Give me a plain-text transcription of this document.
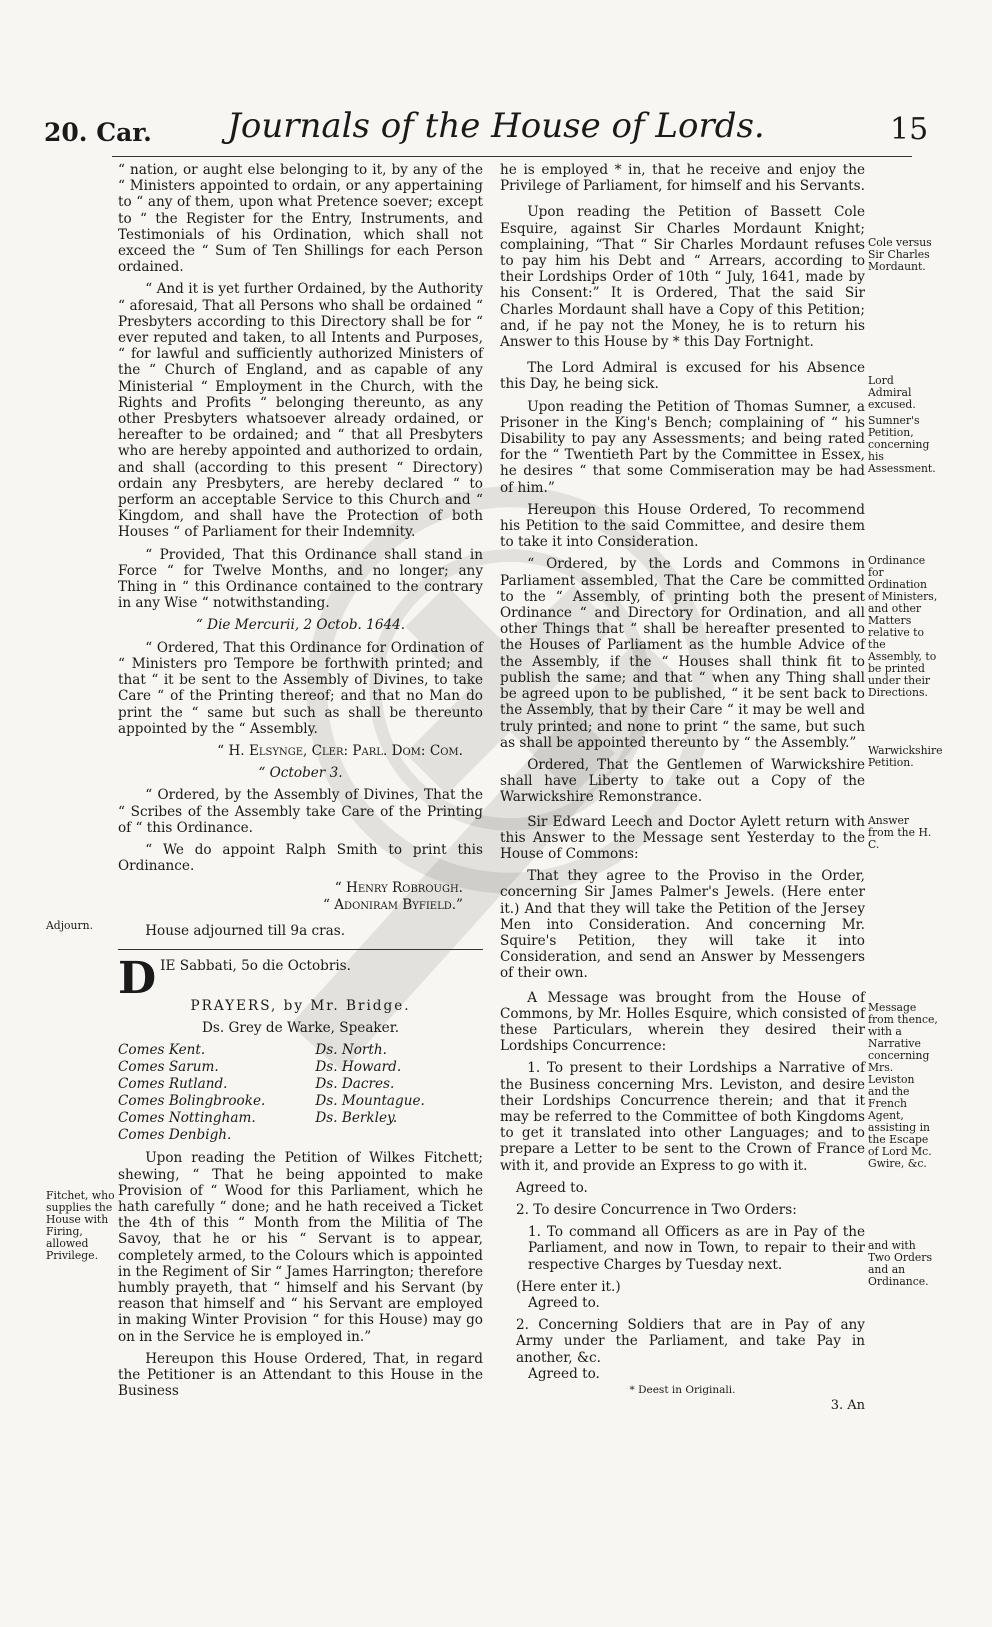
20. Car.	Journals of the House of Lords.	15

“ nation, or aught else belonging to it, by any of the “ Ministers appointed to ordain, or any appertaining to “ any of them, upon what Pretence soever; except to “ the Register for the Entry, Instruments, and Testimonials of his Ordination, which shall not exceed the “ Sum of Ten Shillings for each Person ordained.

“ And it is yet further Ordained, by the Authority “ aforesaid, That all Persons who shall be ordained “ Presbyters according to this Directory shall be for “ ever reputed and taken, to all Intents and Purposes, “ for lawful and sufficiently authorized Ministers of the “ Church of England, and as capable of any Ministerial “ Employment in the Church, with the Rights and Profits “ belonging thereunto, as any other Presbyters whatsoever already ordained, or hereafter to be ordained; and “ that all Presbyters who are hereby appointed and authorized to ordain, and shall (according to this present “ Directory) ordain any Presbyters, are hereby declared “ to perform an acceptable Service to this Church and “ Kingdom, and shall have the Protection of both Houses “ of Parliament for their Indemnity.

“ Provided, That this Ordinance shall stand in Force “ for Twelve Months, and no longer; any Thing in “ this Ordinance contained to the contrary in any Wise “ notwithstanding.

“ Die Mercurii, 2 Octob. 1644.

“ Ordered, That this Ordinance for Ordination of “ Ministers pro Tempore be forthwith printed; and that “ it be sent to the Assembly of Divines, to take Care “ of the Printing thereof; and that no Man do print the “ same but such as shall be thereunto appointed by the “ Assembly.

“ H. Elsynge, Cler: Parl. Dom: Com.

“ October 3.

“ Ordered, by the Assembly of Divines, That the “ Scribes of the Assembly take Care of the Printing of “ this Ordinance.

“ We do appoint Ralph Smith to print this Ordinance.

“ Henry Robrough.

“ Adoniram Byfield.”

House adjourned till 9a cras.

D IE Sabbati, 5o die Octobris.

PRAYERS, by Mr. Bridge.

Ds. Grey de Warke, Speaker.

Comes Kent.
Comes Sarum.
Comes Rutland.
Comes Bolingbrooke.
Comes Nottingham.
Comes Denbigh.
Ds. North.
Ds. Howard.
Ds. Dacres.
Ds. Mountague.
Ds. Berkley.

Upon reading the Petition of Wilkes Fitchett; shewing, “ That he being appointed to make Provision of “ Wood for this Parliament, which he hath carefully “ done; and he hath received a Ticket the 4th of this “ Month from the Militia of The Savoy, that he or his “ Servant is to appear, completely armed, to the Colours which is appointed in the Regiment of Sir “ James Harrington; therefore humbly prayeth, that “ himself and his Servant (by reason that himself and “ his Servant are employed in making Winter Provision “ for this House) may go on in the Service he is employed in.”

Hereupon this House Ordered, That, in regard the Petitioner is an Attendant to this House in the Business

he is employed * in, that he receive and enjoy the Privilege of Parliament, for himself and his Servants.

Upon reading the Petition of Bassett Cole Esquire, against Sir Charles Mordaunt Knight; complaining, “That “ Sir Charles Mordaunt refuses to pay him his Debt and “ Arrears, according to their Lordships Order of 10th “ July, 1641, made by his Consent:” It is Ordered, That the said Sir Charles Mordaunt shall have a Copy of this Petition; and, if he pay not the Money, he is to return his Answer to this House by * this Day Fortnight.

The Lord Admiral is excused for his Absence this Day, he being sick.

Upon reading the Petition of Thomas Sumner, a Prisoner in the King's Bench; complaining of “ his Disability to pay any Assessments; and being rated for the “ Twentieth Part by the Committee in Essex, he desires “ that some Commiseration may be had of him.”

Hereupon this House Ordered, To recommend his Petition to the said Committee, and desire them to take it into Consideration.

“ Ordered, by the Lords and Commons in Parliament assembled, That the Care be committed to the “ Assembly, of printing both the present Ordinance “ and Directory for Ordination, and all other Things that “ shall be hereafter presented to the Houses of Parliament as the humble Advice of the Assembly, if the “ Houses shall think fit to publish the same; and that “ when any Thing shall be agreed upon to be published, “ it be sent back to the Assembly, that by their Care “ it may be well and truly printed; and none to print “ the same, but such as shall be appointed thereunto by “ the Assembly.”

Ordered, That the Gentlemen of Warwickshire shall have Liberty to take out a Copy of the Warwickshire Remonstrance.

Sir Edward Leech and Doctor Aylett return with this Answer to the Message sent Yesterday to the House of Commons:

That they agree to the Proviso in the Order, concerning Sir James Palmer's Jewels. (Here enter it.) And that they will take the Petition of the Jersey Men into Consideration. And concerning Mr. Squire's Petition, they will take it into Consideration, and send an Answer by Messengers of their own.

A Message was brought from the House of Commons, by Mr. Holles Esquire, which consisted of these Particulars, wherein they desired their Lordships Concurrence:

1. To present to their Lordships a Narrative of the Business concerning Mrs. Leviston, and desire their Lordships Concurrence therein; and that it may be referred to the Committee of both Kingdoms to get it translated into other Languages; and to prepare a Letter to be sent to the Crown of France with it, and provide an Express to go with it.

Agreed to.

2. To desire Concurrence in Two Orders:

1. To command all Officers as are in Pay of the Parliament, and now in Town, to repair to their respective Charges by Tuesday next.

(Here enter it.)

Agreed to.

2. Concerning Soldiers that are in Pay of any Army under the Parliament, and take Pay in another, &c.

Agreed to.

* Deest in Originali.

3. An

Cole versus Sir Charles Mordaunt.
Lord Admiral excused.
Sumner's Petition, concerning his Assessment.
Ordinance for Ordination of Ministers, and other Matters relative to the Assembly, to be printed under their Directions.
Warwickshire Petition.
Answer from the H. C.
Message from thence, with a Narrative concerning Mrs. Leviston and the French Agent, assisting in the Escape of Lord Mc. Gwire, &c.
and with Two Orders and an Ordinance.
Adjourn.
Fitchet, who supplies the House with Firing, allowed Privilege.
